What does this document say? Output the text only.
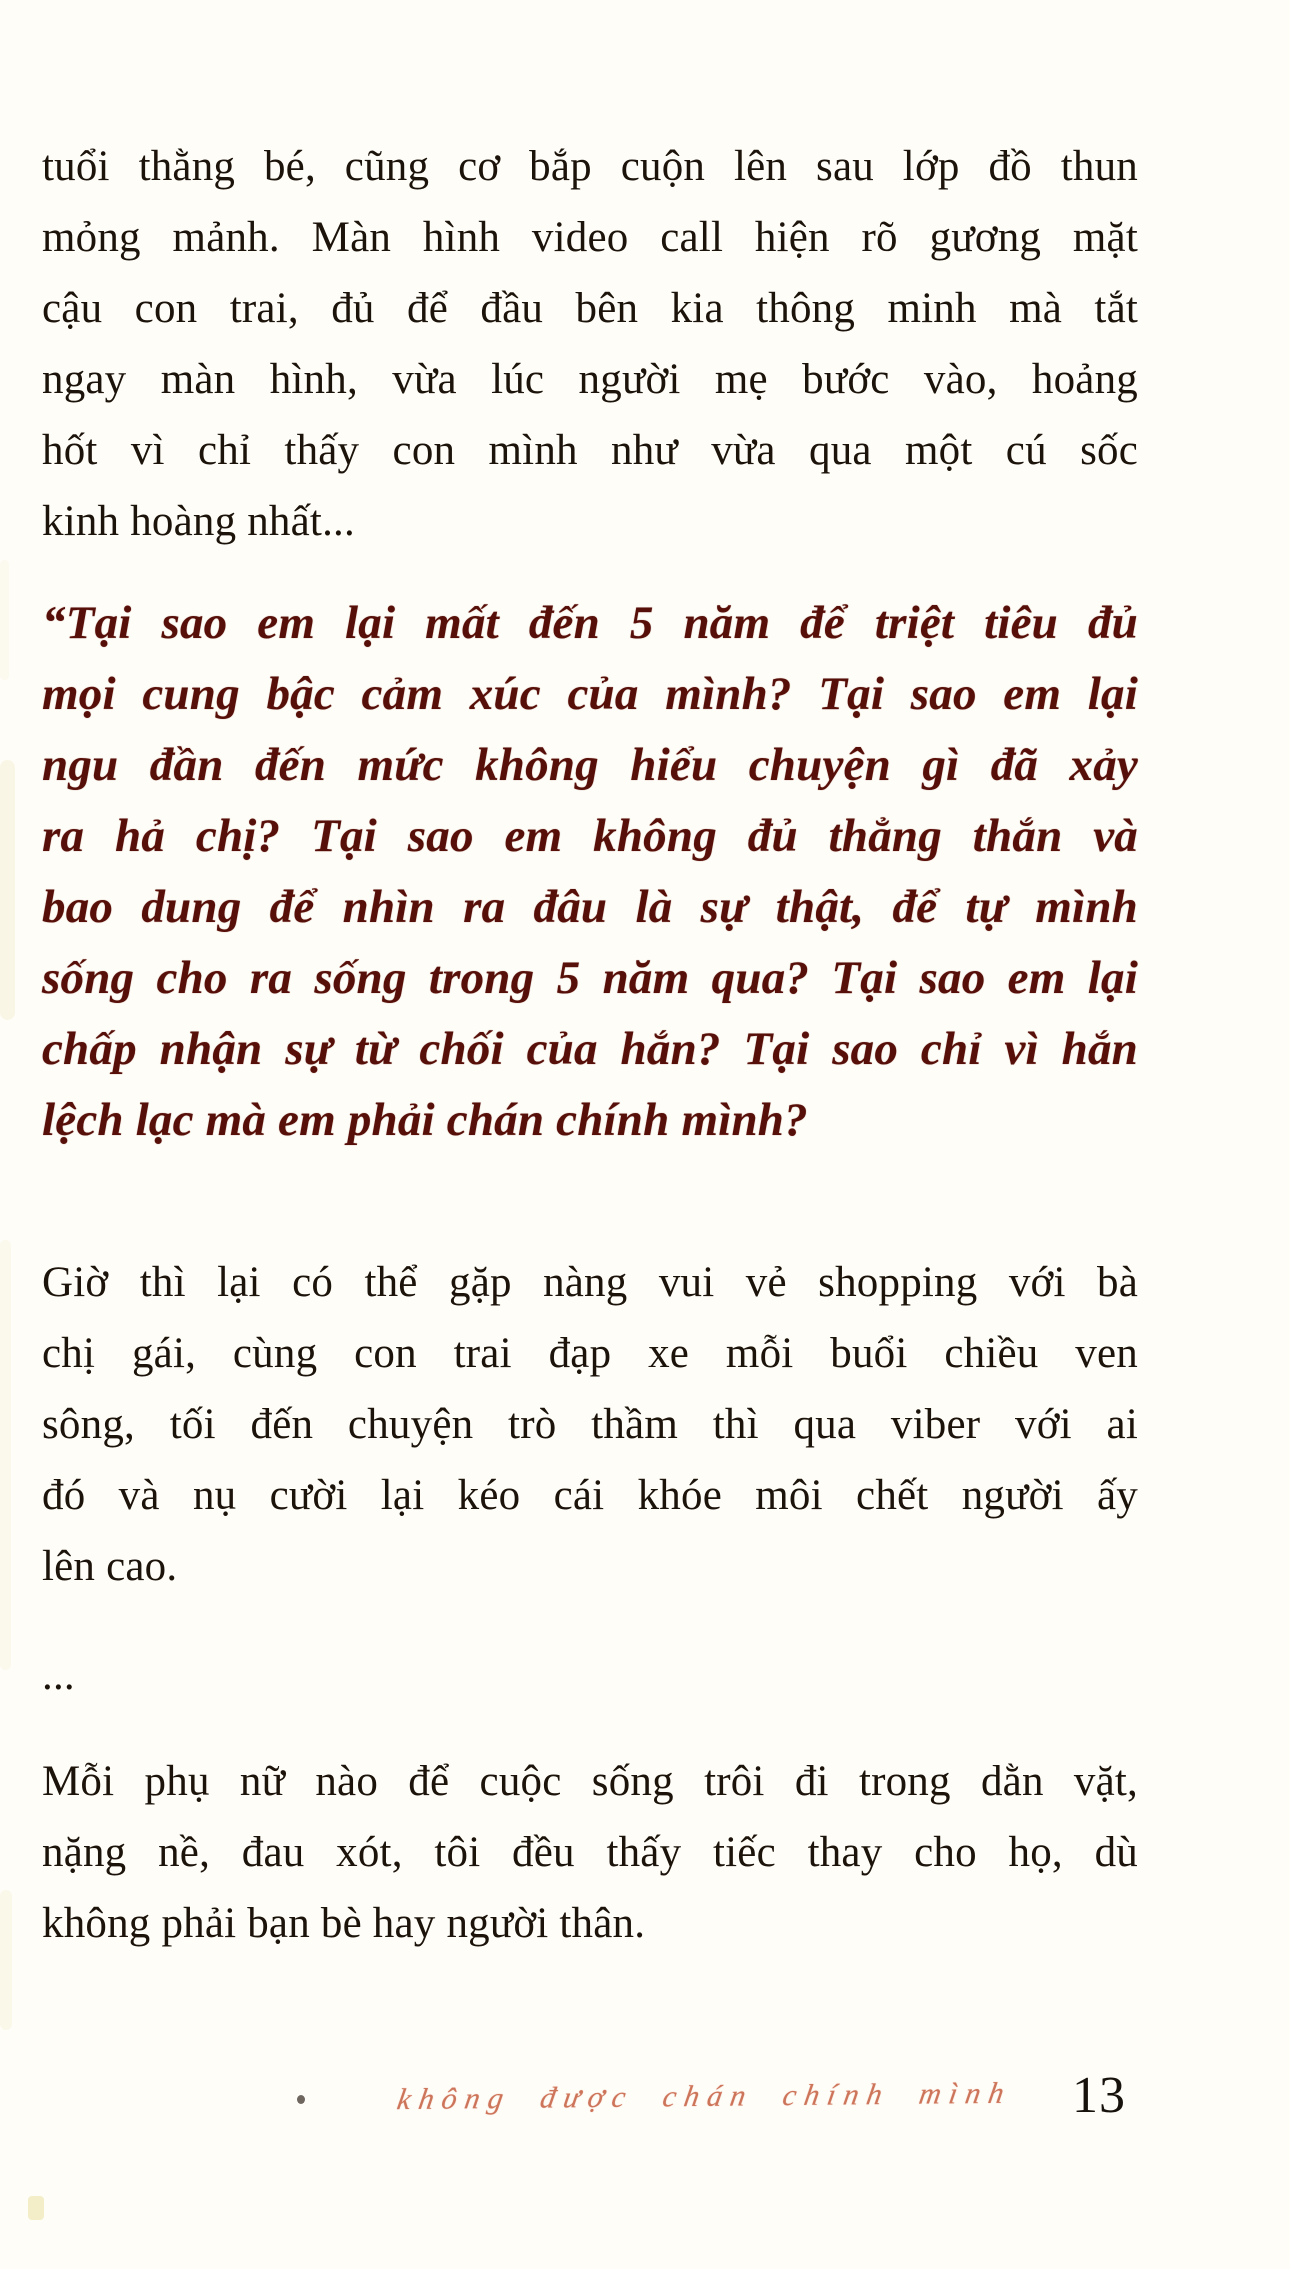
tuổi thằng bé, cũng cơ bắp cuộn lên sau lớp đồ thun
mỏng mảnh. Màn hình video call hiện rõ gương mặt
cậu con trai, đủ để đầu bên kia thông minh mà tắt
ngay màn hình, vừa lúc người mẹ bước vào, hoảng
hốt vì chỉ thấy con mình như vừa qua một cú sốc
kinh hoàng nhất...
“Tại sao em lại mất đến 5 năm để triệt tiêu đủ
mọi cung bậc cảm xúc của mình? Tại sao em lại
ngu đần đến mức không hiểu chuyện gì đã xảy
ra hả chị? Tại sao em không đủ thẳng thắn và
bao dung để nhìn ra đâu là sự thật, để tự mình
sống cho ra sống trong 5 năm qua? Tại sao em lại
chấp nhận sự từ chối của hắn? Tại sao chỉ vì hắn
lệch lạc mà em phải chán chính mình?
Giờ thì lại có thể gặp nàng vui vẻ shopping với bà
chị gái, cùng con trai đạp xe mỗi buổi chiều ven
sông, tối đến chuyện trò thầm thì qua viber với ai
đó và nụ cười lại kéo cái khóe môi chết người ấy
lên cao.
...
Mỗi phụ nữ nào để cuộc sống trôi đi trong dằn vặt,
nặng nề, đau xót, tôi đều thấy tiếc thay cho họ, dù
không phải bạn bè hay người thân.
không được chán chính mình 13
